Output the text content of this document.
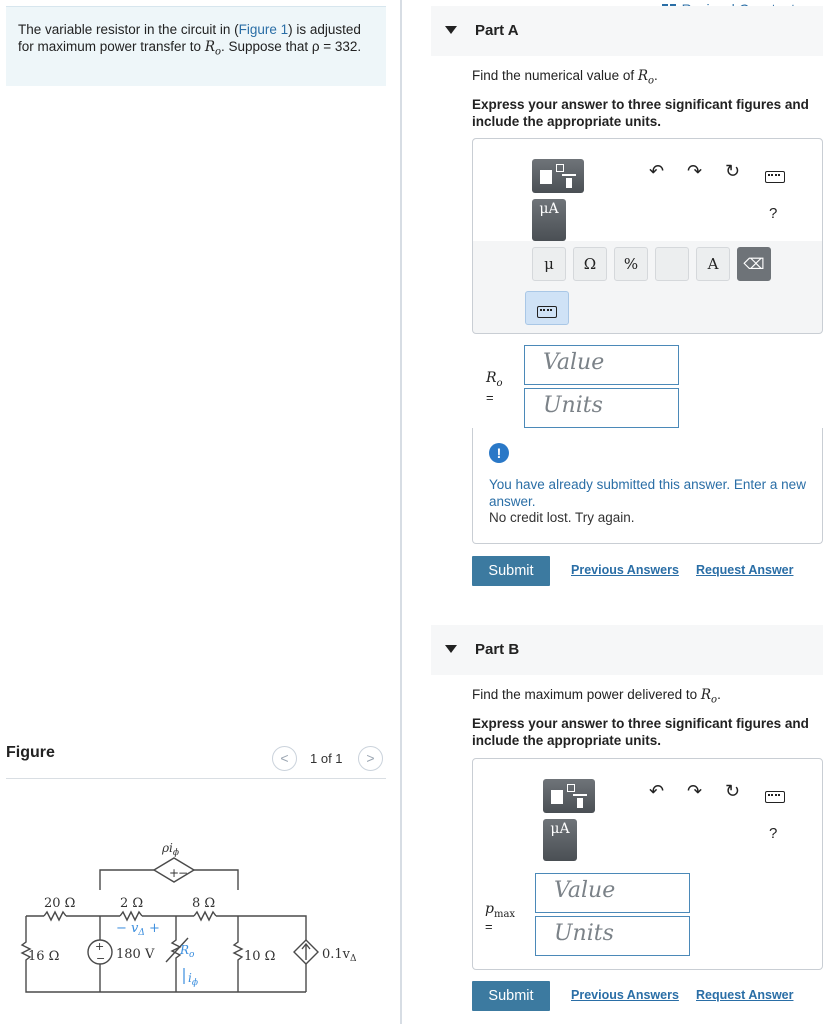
The variable resistor in the circuit in (Figure 1) is adjusted for maximum power transfer to $R_o$. Suppose that ρ = 332.
Figure	<	1 of 1	>
+
−
$\rho i_\phi$
20 Ω	2 Ω	8 Ω
− $v_\Delta$ +
16 Ω
+
− 180 V $R_o$
$i_\phi$
10 Ω	$0.1v_\Delta$
Part A
Find the numerical value of $R_o$.
Express your answer to three significant figures and include the appropriate units.
μA
↶ ↷ ↻
?
μ	Ω	%	A	⌫
$R_o$
=
Value
Units
!
You have already submitted this answer. Enter a new answer.
No credit lost. Try again.
Submit	Previous Answers Request Answer
Part B
Find the maximum power delivered to $R_o$.
Express your answer to three significant figures and include the appropriate units.
μA
↶ ↷ ↻
?
$p_{max}$
=
Value
Units
Submit	Previous Answers Request Answer
